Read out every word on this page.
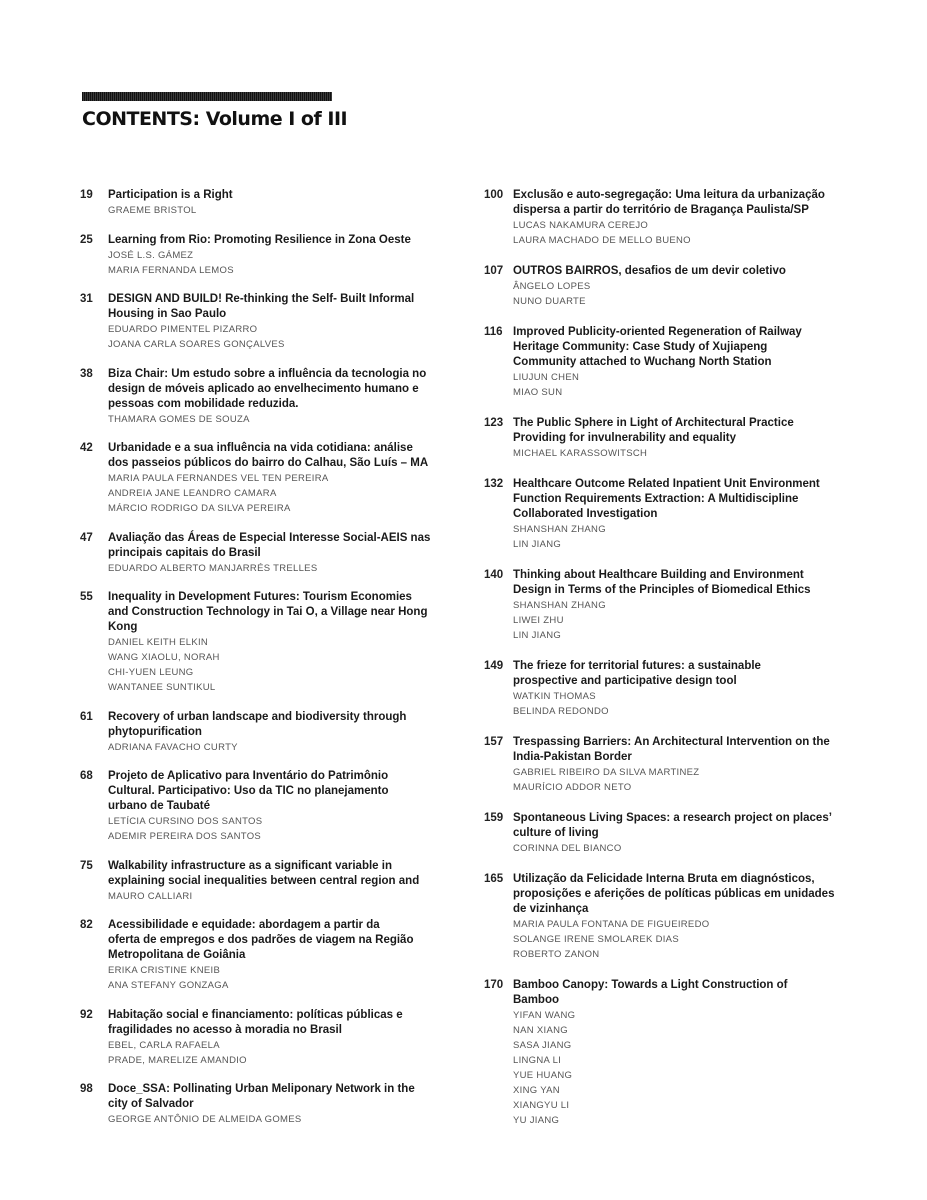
CONTENTS: Volume I of III
19	Participation is a Right
GRAEME BRISTOL
25	Learning from Rio: Promoting Resilience in Zona Oeste
JOSÉ L.S. GÁMEZ
MARIA FERNANDA LEMOS
31	DESIGN AND BUILD! Re-thinking the Self- Built Informal
Housing in Sao Paulo
EDUARDO PIMENTEL PIZARRO
JOANA CARLA SOARES GONÇALVES
38	Biza Chair: Um estudo sobre a influência da tecnologia no
design de móveis aplicado ao envelhecimento humano e
pessoas com mobilidade reduzida.
THAMARA GOMES DE SOUZA
42	Urbanidade e a sua influência na vida cotidiana: análise
dos passeios públicos do bairro do Calhau, São Luís – MA
MARIA PAULA FERNANDES VEL TEN PEREIRA
ANDREIA JANE LEANDRO CAMARA
MÁRCIO RODRIGO DA SILVA PEREIRA
47	Avaliação das Áreas de Especial Interesse Social-AEIS nas
principais capitais do Brasil
EDUARDO ALBERTO MANJARRÉS TRELLES
55	Inequality in Development Futures: Tourism Economies
and Construction Technology in Tai O, a Village near Hong
Kong
DANIEL KEITH ELKIN
WANG XIAOLU, NORAH
CHI-YUEN LEUNG
WANTANEE SUNTIKUL
61	Recovery of urban landscape and biodiversity through
phytopurification
ADRIANA FAVACHO CURTY
68	Projeto de Aplicativo para Inventário do Patrimônio
Cultural. Participativo: Uso da TIC no planejamento
urbano de Taubaté
LETÍCIA CURSINO DOS SANTOS
ADEMIR PEREIRA DOS SANTOS
75	Walkability infrastructure as a significant variable in
explaining social inequalities between central region and
MAURO CALLIARI
82	Acessibilidade e equidade: abordagem a partir da
oferta de empregos e dos padrões de viagem na Região
Metropolitana de Goiânia
ERIKA CRISTINE KNEIB
ANA STEFANY GONZAGA
92	Habitação social e financiamento: políticas públicas e
fragilidades no acesso à moradia no Brasil
EBEL, CARLA RAFAELA
PRADE, MARELIZE AMANDIO
98	Doce_SSA: Pollinating Urban Meliponary Network in the
city of Salvador
GEORGE ANTÔNIO DE ALMEIDA GOMES
100 Exclusão e auto-segregação: Uma leitura da urbanização
dispersa a partir do território de Bragança Paulista/SP
LUCAS NAKAMURA CEREJO
LAURA MACHADO DE MELLO BUENO
107 OUTROS BAIRROS, desafios de um devir coletivo
ÂNGELO LOPES
NUNO DUARTE
116 Improved Publicity-oriented Regeneration of Railway
Heritage Community: Case Study of Xujiapeng
Community attached to Wuchang North Station
LIUJUN CHEN
MIAO SUN
123 The Public Sphere in Light of Architectural Practice
Providing for invulnerability and equality
MICHAEL KARASSOWITSCH
132 Healthcare Outcome Related Inpatient Unit Environment
Function Requirements Extraction: A Multidiscipline
Collaborated Investigation
SHANSHAN ZHANG
LIN JIANG
140 Thinking about Healthcare Building and Environment
Design in Terms of the Principles of Biomedical Ethics
SHANSHAN ZHANG
LIWEI ZHU
LIN JIANG
149 The frieze for territorial futures: a sustainable
prospective and participative design tool
WATKIN THOMAS
BELINDA REDONDO
157 Trespassing Barriers: An Architectural Intervention on the
India-Pakistan Border
GABRIEL RIBEIRO DA SILVA MARTINEZ
MAURÍCIO ADDOR NETO
159 Spontaneous Living Spaces: a research project on places’
culture of living
CORINNA DEL BIANCO
165 Utilização da Felicidade Interna Bruta em diagnósticos,
proposições e aferições de políticas públicas em unidades
de vizinhança
MARIA PAULA FONTANA DE FIGUEIREDO
SOLANGE IRENE SMOLAREK DIAS
ROBERTO ZANON
170 Bamboo Canopy: Towards a Light Construction of
Bamboo
YIFAN WANG
NAN XIANG
SASA JIANG
LINGNA LI
YUE HUANG
XING YAN
XIANGYU LI
YU JIANG
